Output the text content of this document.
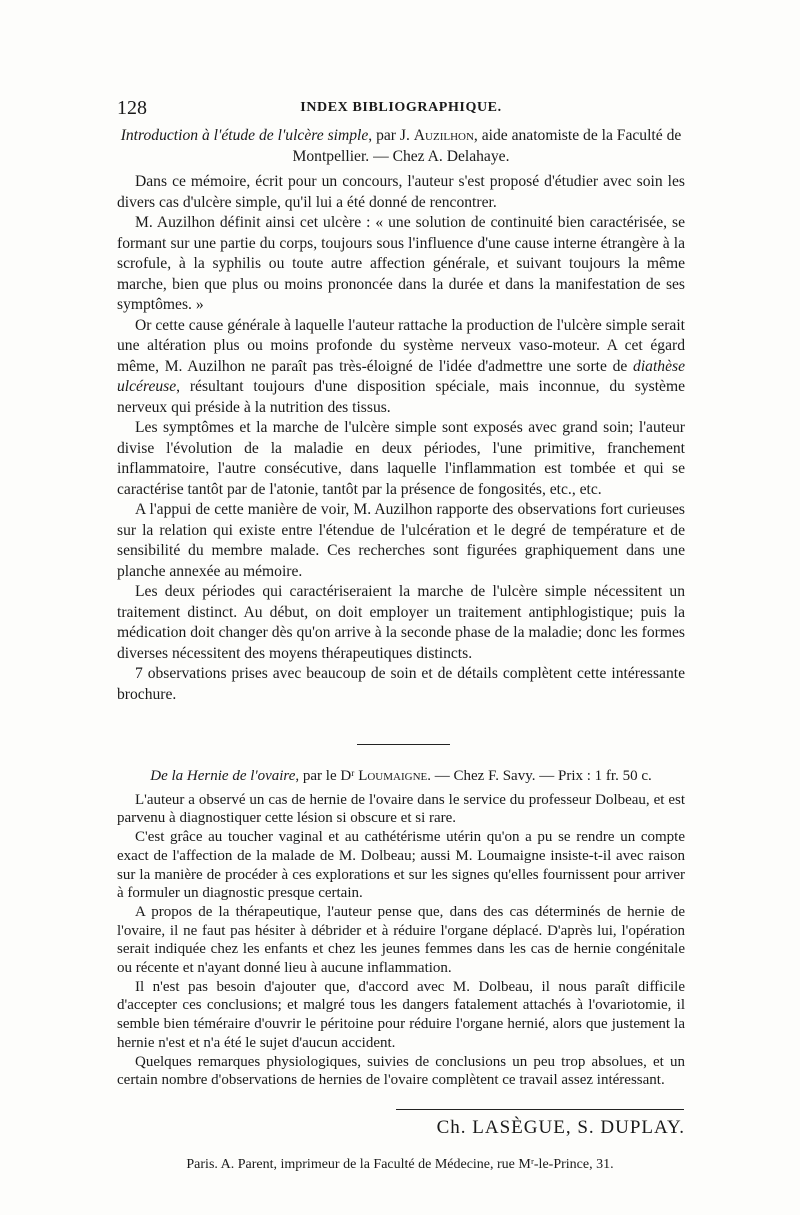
128	INDEX BIBLIOGRAPHIQUE.

Introduction à l'étude de l'ulcère simple, par J. Auzilhon, aide anatomiste de la Faculté de Montpellier. — Chez A. Delahaye.

Dans ce mémoire, écrit pour un concours, l'auteur s'est proposé d'étudier avec soin les divers cas d'ulcère simple, qu'il lui a été donné de rencontrer.

M. Auzilhon définit ainsi cet ulcère : « une solution de continuité bien caractérisée, se formant sur une partie du corps, toujours sous l'influence d'une cause interne étrangère à la scrofule, à la syphilis ou toute autre affection générale, et suivant toujours la même marche, bien que plus ou moins prononcée dans la durée et dans la manifestation de ses symptômes. »

Or cette cause générale à laquelle l'auteur rattache la production de l'ulcère simple serait une altération plus ou moins profonde du système nerveux vaso-moteur. A cet égard même, M. Auzilhon ne paraît pas très-éloigné de l'idée d'admettre une sorte de diathèse ulcéreuse, résultant toujours d'une disposition spéciale, mais inconnue, du système nerveux qui préside à la nutrition des tissus.

Les symptômes et la marche de l'ulcère simple sont exposés avec grand soin; l'auteur divise l'évolution de la maladie en deux périodes, l'une primitive, franchement inflammatoire, l'autre consécutive, dans laquelle l'inflammation est tombée et qui se caractérise tantôt par de l'atonie, tantôt par la présence de fongosités, etc., etc.

A l'appui de cette manière de voir, M. Auzilhon rapporte des observations fort curieuses sur la relation qui existe entre l'étendue de l'ulcération et le degré de température et de sensibilité du membre malade. Ces recherches sont figurées graphiquement dans une planche annexée au mémoire.

Les deux périodes qui caractériseraient la marche de l'ulcère simple nécessitent un traitement distinct. Au début, on doit employer un traitement antiphlogistique; puis la médication doit changer dès qu'on arrive à la seconde phase de la maladie; donc les formes diverses nécessitent des moyens thérapeutiques distincts.

7 observations prises avec beaucoup de soin et de détails complètent cette intéressante brochure.

De la Hernie de l'ovaire, par le Dʳ Loumaigne. — Chez F. Savy. — Prix : 1 fr. 50 c.

L'auteur a observé un cas de hernie de l'ovaire dans le service du professeur Dolbeau, et est parvenu à diagnostiquer cette lésion si obscure et si rare.

C'est grâce au toucher vaginal et au cathétérisme utérin qu'on a pu se rendre un compte exact de l'affection de la malade de M. Dolbeau; aussi M. Loumaigne insiste-t-il avec raison sur la manière de procéder à ces explorations et sur les signes qu'elles fournissent pour arriver à formuler un diagnostic presque certain.

A propos de la thérapeutique, l'auteur pense que, dans des cas déterminés de hernie de l'ovaire, il ne faut pas hésiter à débrider et à réduire l'organe déplacé. D'après lui, l'opération serait indiquée chez les enfants et chez les jeunes femmes dans les cas de hernie congénitale ou récente et n'ayant donné lieu à aucune inflammation.

Il n'est pas besoin d'ajouter que, d'accord avec M. Dolbeau, il nous paraît difficile d'accepter ces conclusions; et malgré tous les dangers fatalement attachés à l'ovariotomie, il semble bien téméraire d'ouvrir le péritoine pour réduire l'organe hernié, alors que justement la hernie n'est et n'a été le sujet d'aucun accident.

Quelques remarques physiologiques, suivies de conclusions un peu trop absolues, et un certain nombre d'observations de hernies de l'ovaire complètent ce travail assez intéressant.

Ch. LASÈGUE, S. DUPLAY.
Paris. A. Parent, imprimeur de la Faculté de Médecine, rue Mʳ-le-Prince, 31.
